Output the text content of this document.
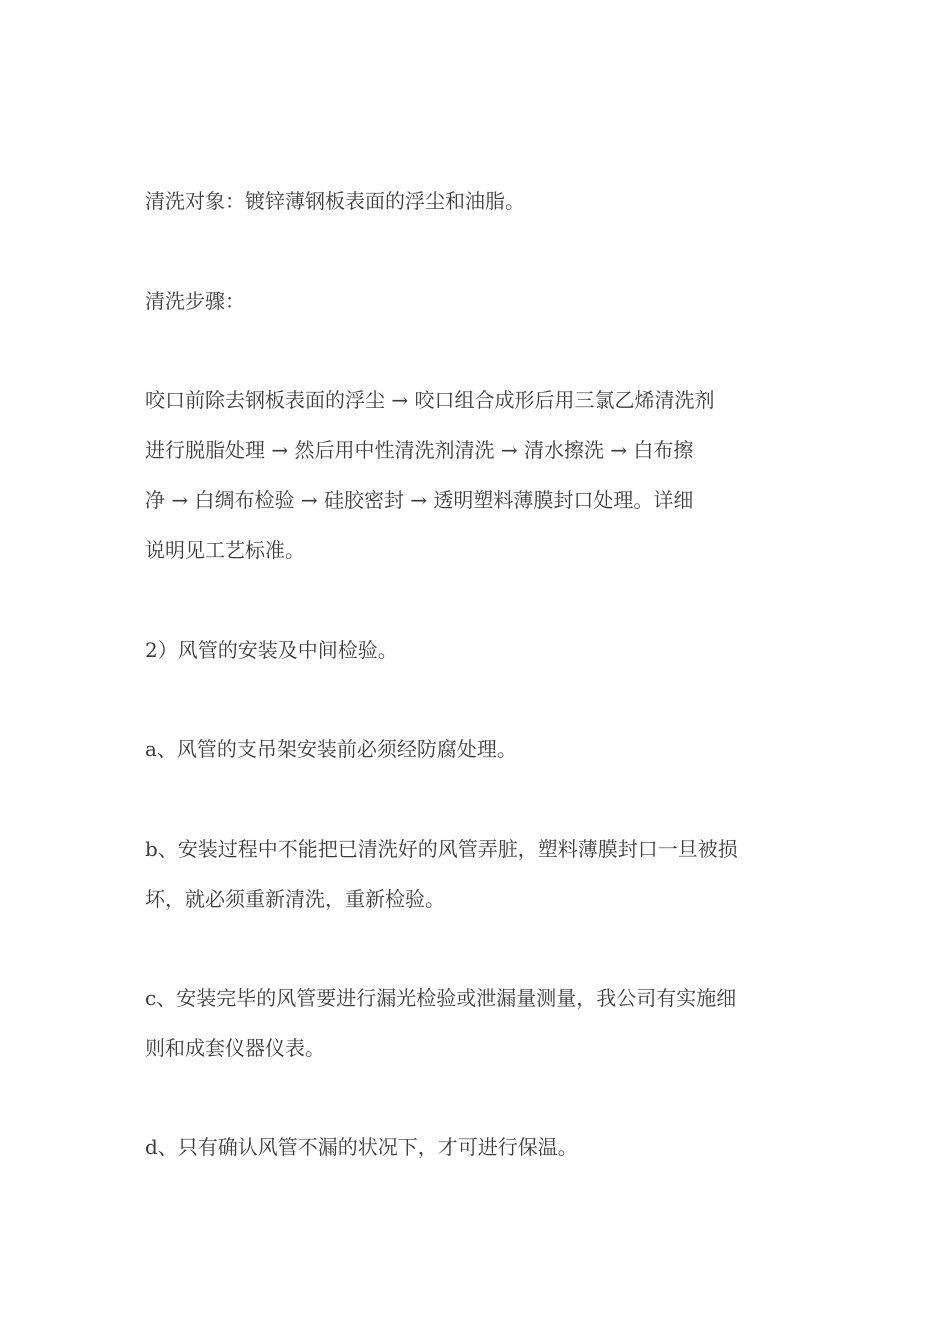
清洗对象：镀锌薄钢板表面的浮尘和油脂。

清洗步骤：

咬口前除去钢板表面的浮尘 → 咬口组合成形后用三氯乙烯清洗剂
进行脱脂处理 → 然后用中性清洗剂清洗 → 清水擦洗 → 白布擦
净 → 白绸布检验 → 硅胶密封 → 透明塑料薄膜封口处理。详细
说明见工艺标准。

2）风管的安装及中间检验。

a、风管的支吊架安装前必须经防腐处理。

b、安装过程中不能把已清洗好的风管弄脏，塑料薄膜封口一旦被损
坏，就必须重新清洗，重新检验。

c、安装完毕的风管要进行漏光检验或泄漏量测量，我公司有实施细
则和成套仪器仪表。

d、只有确认风管不漏的状况下，才可进行保温。
